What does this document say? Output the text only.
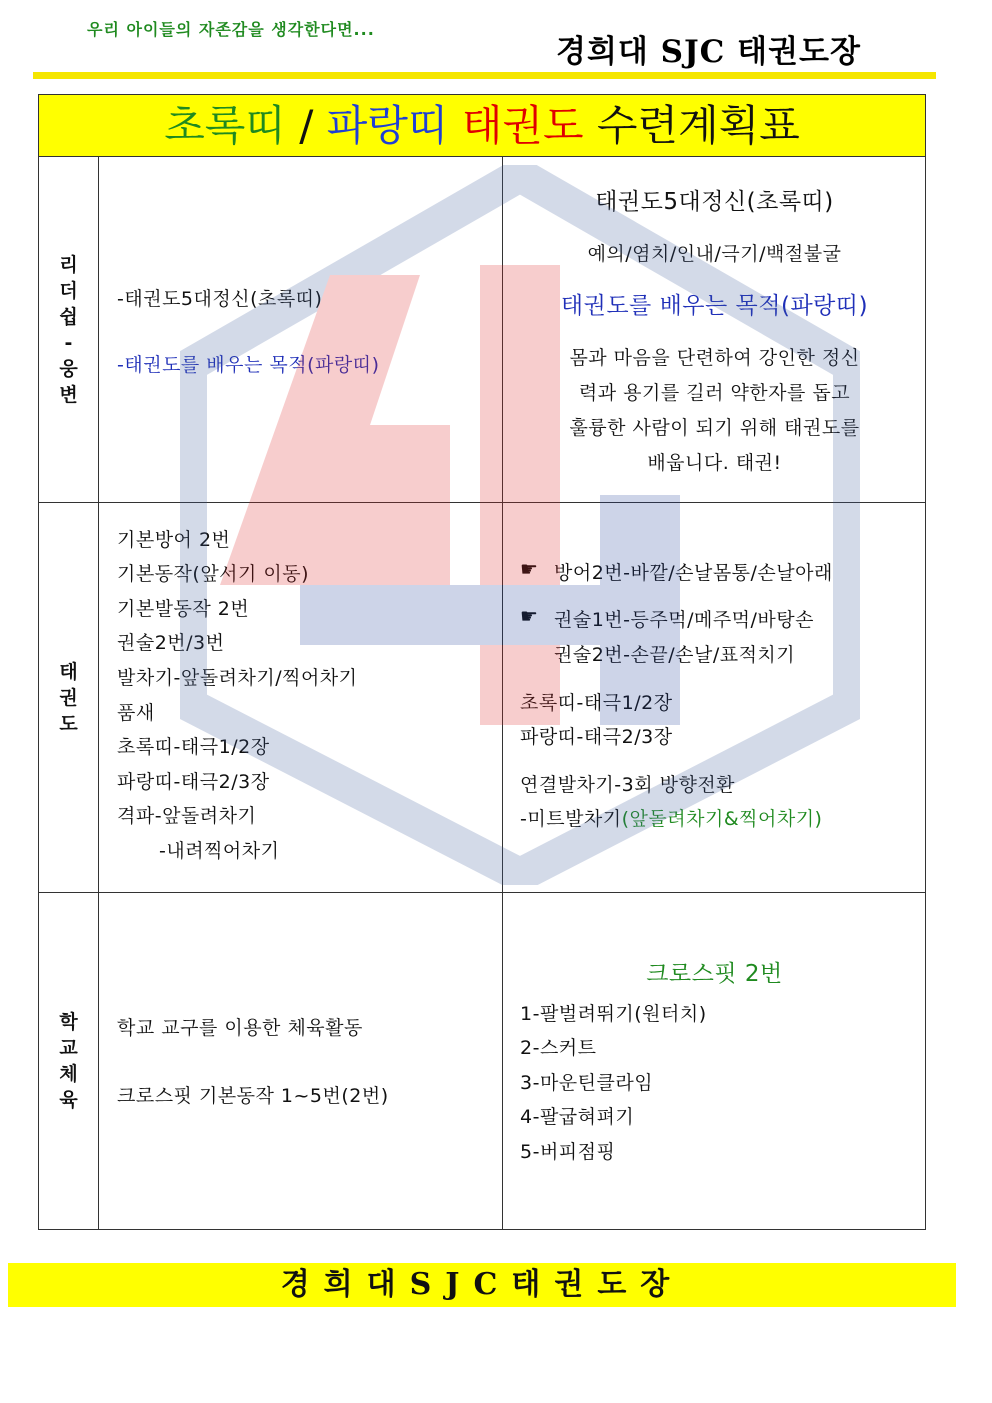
우리 아이들의 자존감을 생각한다면...
경희대 SJC 태권도장
초록띠 / 파랑띠 태권도 수련계획표
리
더
쉽
-
웅
변
-태권도5대정신(초록띠)
-태권도를 배우는 목적(파랑띠)
태권도5대정신(초록띠)
예의/염치/인내/극기/백절불굴
태권도를 배우는 목적(파랑띠)
몸과 마음을 단련하여 강인한 정신
력과 용기를 길러 약한자를 돕고
훌륭한 사람이 되기 위해 태권도를
배웁니다. 태권!
태
권
도
기본방어 2번
기본동작(앞서기 이동)
기본발동작 2번
권술2번/3번
발차기-앞돌려차기/찍어차기
품새
초록띠-태극1/2장
파랑띠-태극2/3장
격파-앞돌려차기
-내려찍어차기
☛ 방어2번-바깥/손날몸통/손날아래
☛ 권술1번-등주먹/메주먹/바탕손
권술2번-손끝/손날/표적치기
초록띠-태극1/2장
파랑띠-태극2/3장
연결발차기-3회 방향전환
-미트발차기(앞돌려차기&찍어차기)
학
교
체
육
학교 교구를 이용한 체육활동
크로스핏 기본동작 1~5번(2번)
크로스핏 2번
1-팔벌려뛰기(원터치)
2-스커트
3-마운틴클라임
4-팔굽혀펴기
5-버피점핑
경희대SJC태권도장
